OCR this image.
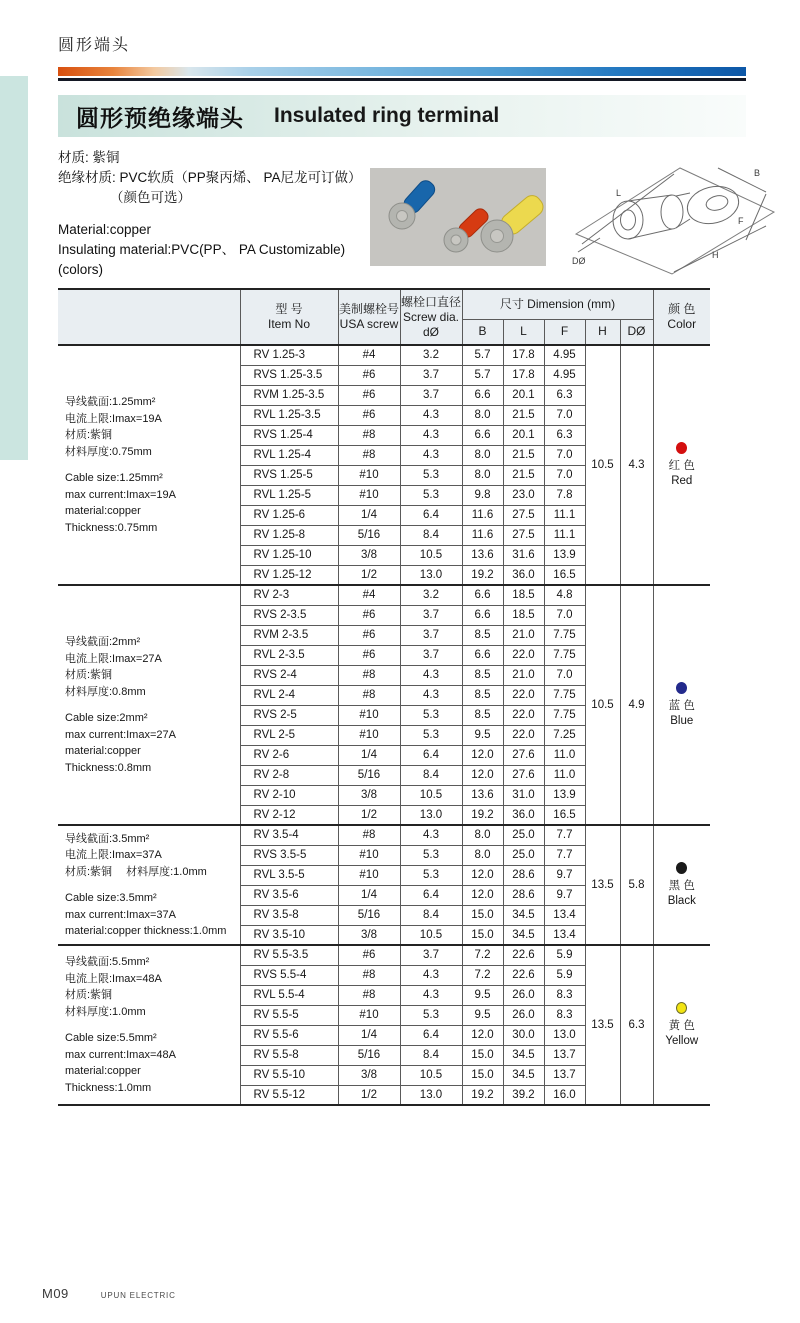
圆形端头
圆形预绝缘端头 Insulated ring terminal
材质: 紫铜
绝缘材质: PVC软质（PP聚丙烯、 PA尼龙可订做）
（颜色可选）
Material:copper
Insulating material:PVC(PP、 PA Customizable)(colors)
L
B
F
H
DØ

型 号
Item No

美制螺栓号
USA screw

螺栓口直径
Screw dia.
dØ
	尺寸 Dimension (mm)	颜 色
Color

				B	L	F	H	DØ	

导线截面:1.25mm²
电流上限:Imax=19A
材质:紫铜
材料厚度:0.75mm
Cable size:1.25mm²
max current:Imax=19A
material:copper
Thickness:0.75mm
	RV 1.25-3	#4	3.2	5.7	17.8	4.95	10.5	4.3	红 色
Red

	RVS 1.25-3.5	#6	3.7	5.7	17.8	4.95			
	RVM 1.25-3.5	#6	3.7	6.6	20.1	6.3			
	RVL 1.25-3.5	#6	4.3	8.0	21.5	7.0			
	RVS 1.25-4	#8	4.3	6.6	20.1	6.3			
	RVL 1.25-4	#8	4.3	8.0	21.5	7.0			
	RVS 1.25-5	#10	5.3	8.0	21.5	7.0			
	RVL 1.25-5	#10	5.3	9.8	23.0	7.8			
	RV 1.25-6	1/4	6.4	11.6	27.5	11.1			
	RV 1.25-8	5/16	8.4	11.6	27.5	11.1			
	RV 1.25-10	3/8	10.5	13.6	31.6	13.9			
	RV 1.25-12	1/2	13.0	19.2	36.0	16.5			

导线截面:2mm²
电流上限:Imax=27A
材质:紫铜
材料厚度:0.8mm
Cable size:2mm²
max current:Imax=27A
material:copper
Thickness:0.8mm
	RV 2-3	#4	3.2	6.6	18.5	4.8	10.5	4.9	蓝 色
Blue

	RVS 2-3.5	#6	3.7	6.6	18.5	7.0			
	RVM 2-3.5	#6	3.7	8.5	21.0	7.75			
	RVL 2-3.5	#6	3.7	6.6	22.0	7.75			
	RVS 2-4	#8	4.3	8.5	21.0	7.0			
	RVL 2-4	#8	4.3	8.5	22.0	7.75			
	RVS 2-5	#10	5.3	8.5	22.0	7.75			
	RVL 2-5	#10	5.3	9.5	22.0	7.25			
	RV 2-6	1/4	6.4	12.0	27.6	11.0			
	RV 2-8	5/16	8.4	12.0	27.6	11.0			
	RV 2-10	3/8	10.5	13.6	31.0	13.9			
	RV 2-12	1/2	13.0	19.2	36.0	16.5			

导线截面:3.5mm²
电流上限:Imax=37A
材质:紫铜　 材料厚度:1.0mm
Cable size:3.5mm²
max current:Imax=37A
material:copper thickness:1.0mm
	RV 3.5-4	#8	4.3	8.0	25.0	7.7	13.5	5.8	黑 色
Black

	RVS 3.5-5	#10	5.3	8.0	25.0	7.7			
	RVL 3.5-5	#10	5.3	12.0	28.6	9.7			
	RV 3.5-6	1/4	6.4	12.0	28.6	9.7			
	RV 3.5-8	5/16	8.4	15.0	34.5	13.4			
	RV 3.5-10	3/8	10.5	15.0	34.5	13.4			

导线截面:5.5mm²
电流上限:Imax=48A
材质:紫铜
材料厚度:1.0mm
Cable size:5.5mm²
max current:Imax=48A
material:copper
Thickness:1.0mm
	RV 5.5-3.5	#6	3.7	7.2	22.6	5.9	13.5	6.3	黄 色
Yellow

	RVS 5.5-4	#8	4.3	7.2	22.6	5.9			
	RVL 5.5-4	#8	4.3	9.5	26.0	8.3			
	RV 5.5-5	#10	5.3	9.5	26.0	8.3			
	RV 5.5-6	1/4	6.4	12.0	30.0	13.0			
	RV 5.5-8	5/16	8.4	15.0	34.5	13.7			
	RV 5.5-10	3/8	10.5	15.0	34.5	13.7			
	RV 5.5-12	1/2	13.0	19.2	39.2	16.0			
M09	UPUN ELECTRIC
